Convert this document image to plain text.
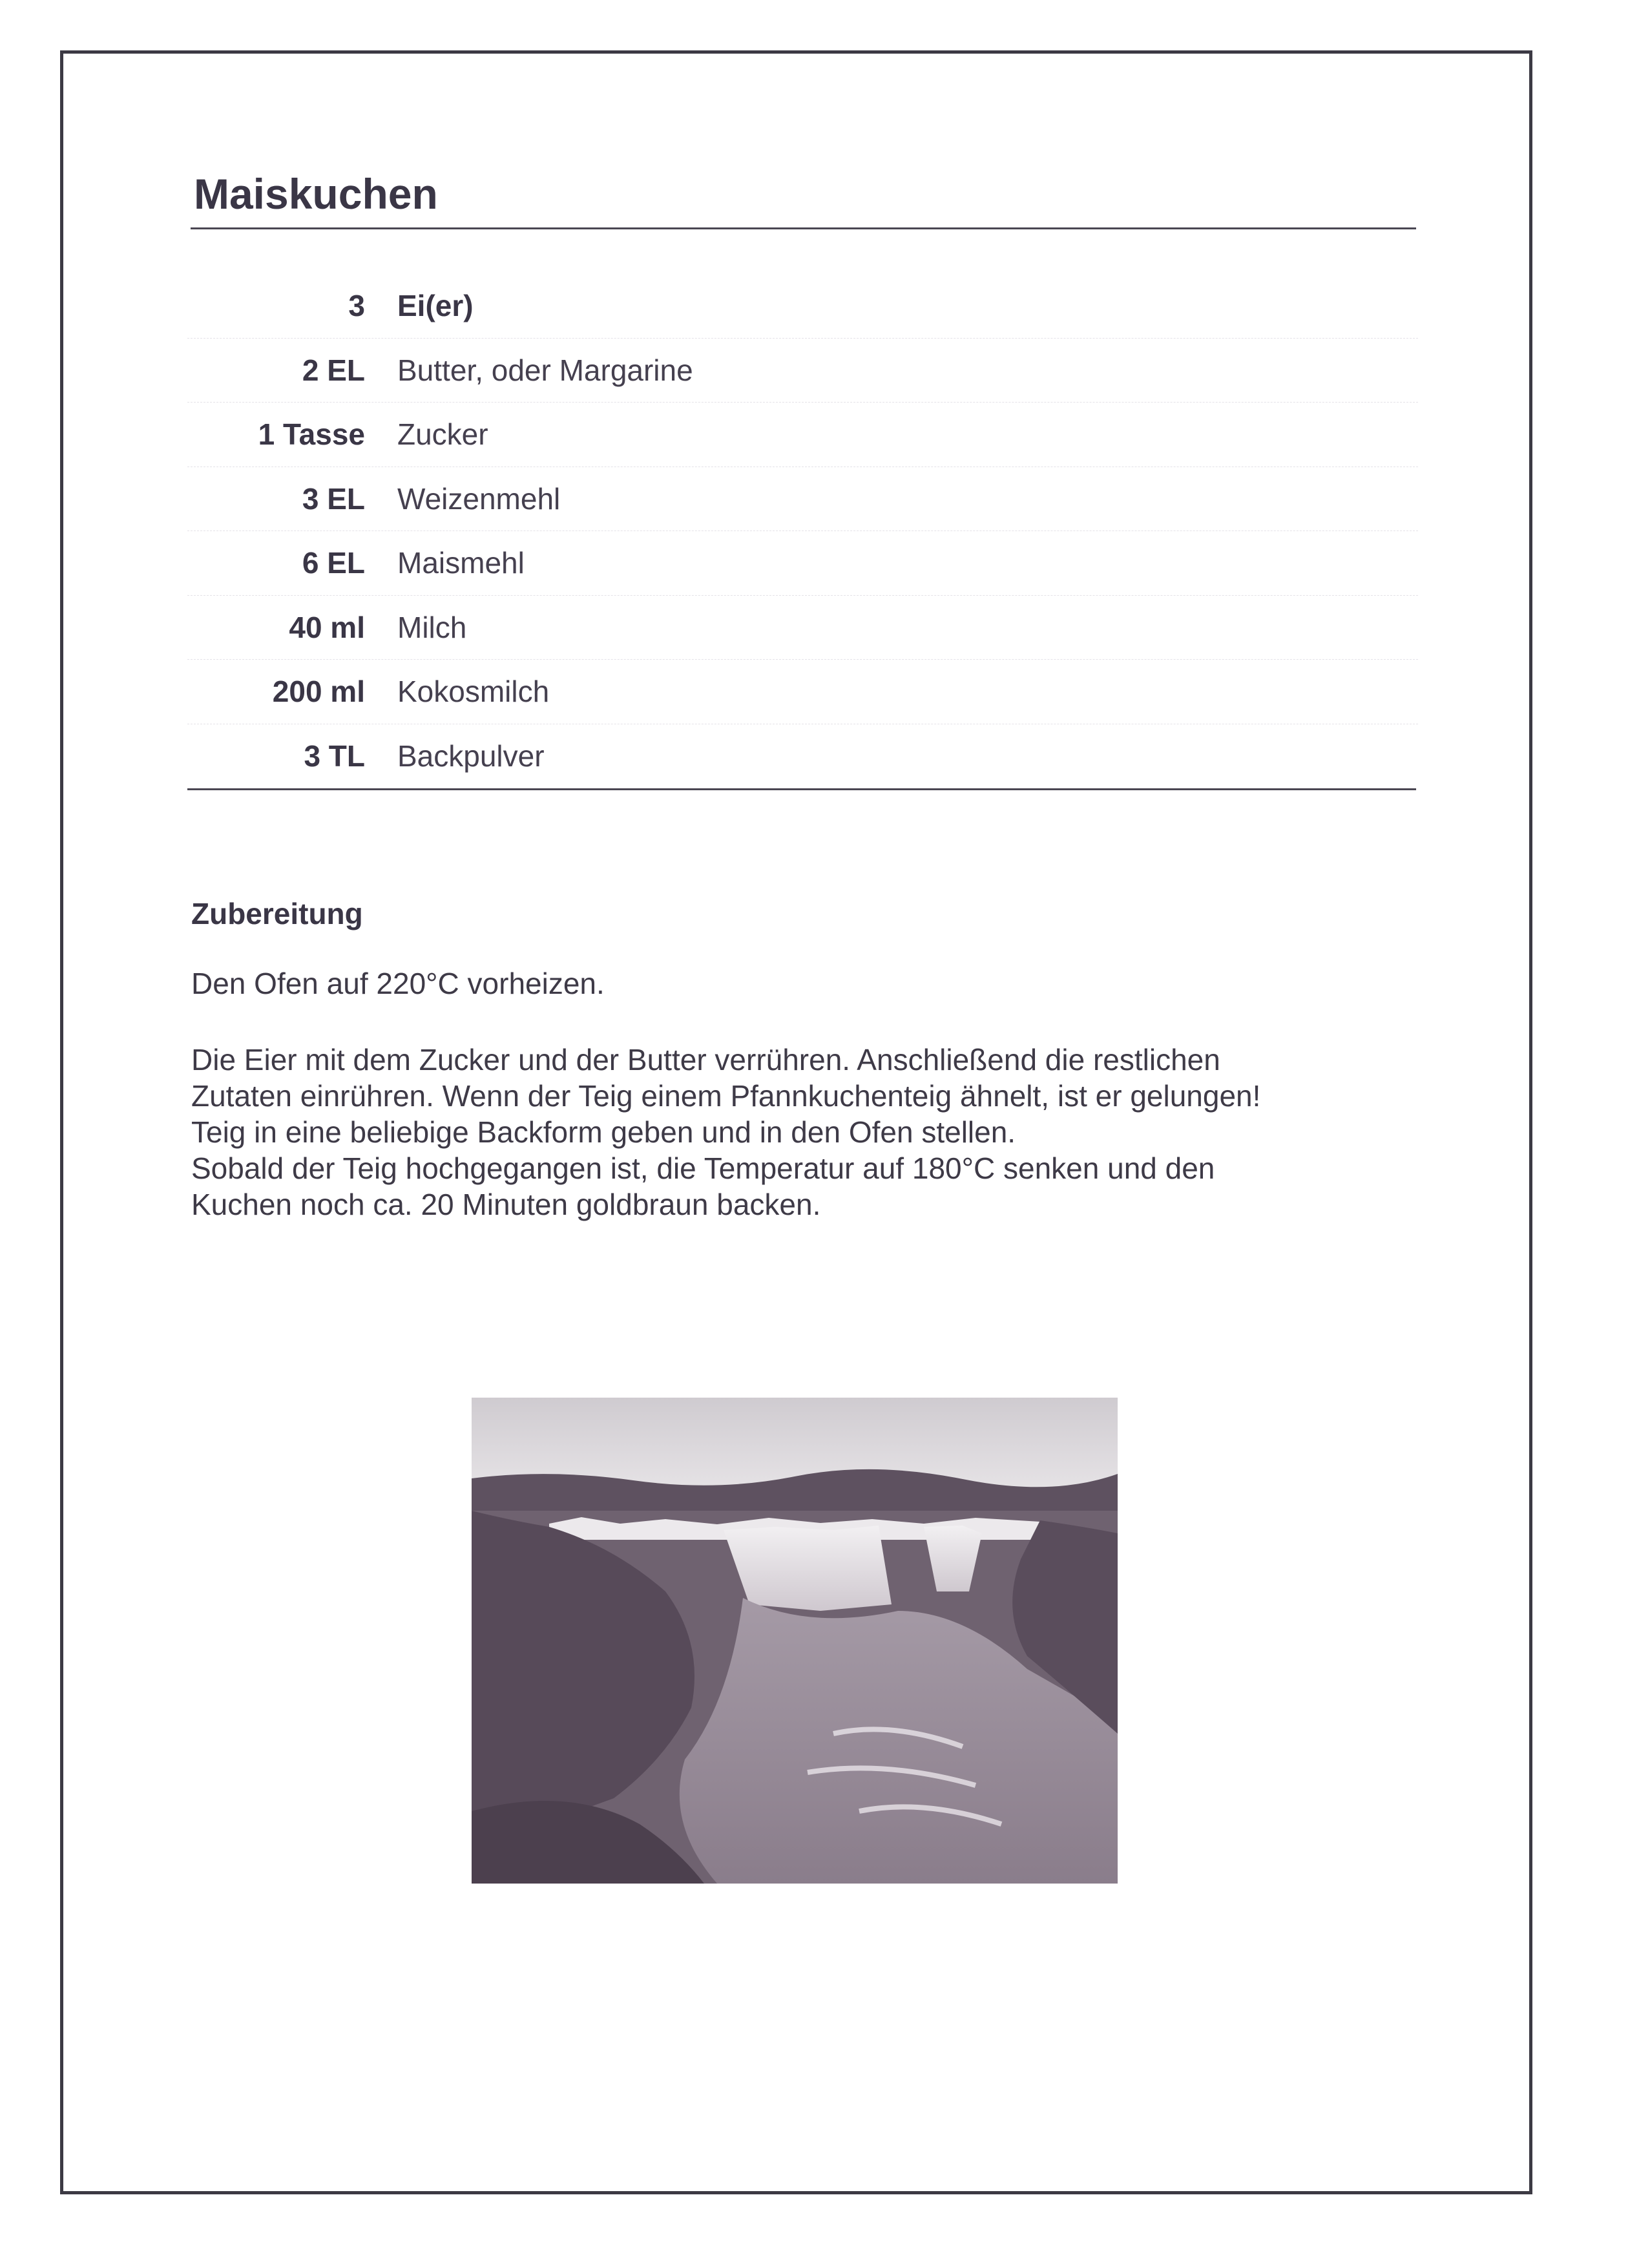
Maiskuchen
3 Ei(er)
2 EL Butter, oder Margarine
1 Tasse Zucker
3 EL Weizenmehl
6 EL Maismehl
40 ml Milch
200 ml Kokosmilch
3 TL Backpulver
Zubereitung
Den Ofen auf 220°C vorheizen.
Die Eier mit dem Zucker und der Butter verrühren. Anschließend die restlichen
Zutaten einrühren. Wenn der Teig einem Pfannkuchenteig ähnelt, ist er gelungen!
Teig in eine beliebige Backform geben und in den Ofen stellen.
Sobald der Teig hochgegangen ist, die Temperatur auf 180°C senken und den
Kuchen noch ca. 20 Minuten goldbraun backen.
